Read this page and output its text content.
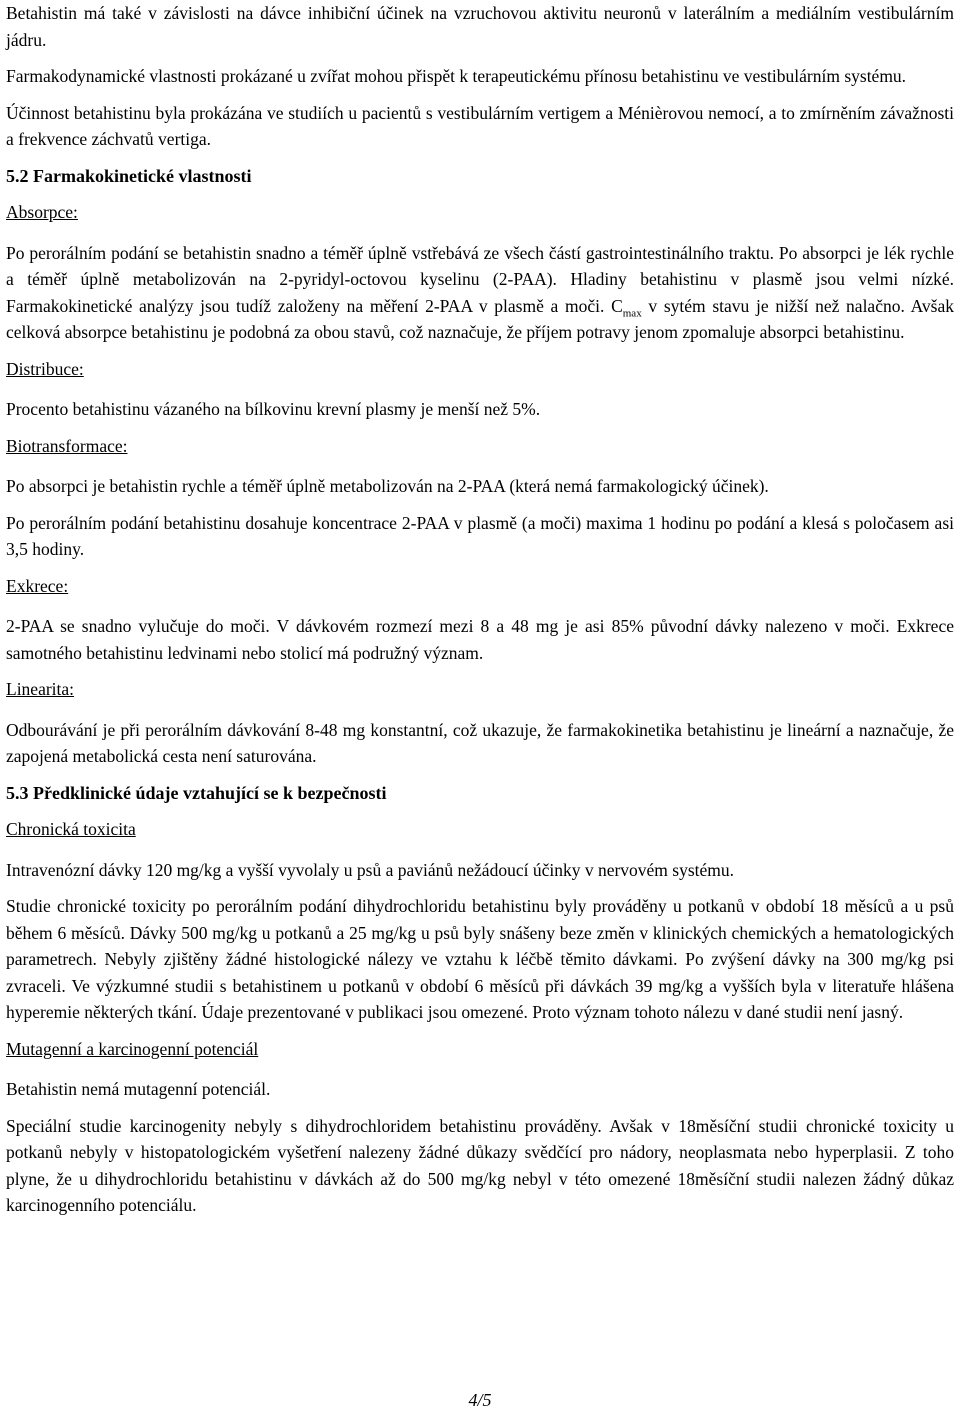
Betahistin má také v závislosti na dávce inhibiční účinek na vzruchovou aktivitu neuronů v laterálním a mediálním vestibulárním jádru.

Farmakodynamické vlastnosti prokázané u zvířat mohou přispět k terapeutickému přínosu betahistinu ve vestibulárním systému.

Účinnost betahistinu byla prokázána ve studiích u pacientů s vestibulárním vertigem a Ménièrovou nemocí, a to zmírněním závažnosti a frekvence záchvatů vertiga.

5.2 Farmakokinetické vlastnosti

Absorpce:

Po perorálním podání se betahistin snadno a téměř úplně vstřebává ze všech částí gastrointestinálního traktu. Po absorpci je lék rychle a téměř úplně metabolizován na 2-pyridyl-octovou kyselinu (2-PAA). Hladiny betahistinu v plasmě jsou velmi nízké. Farmakokinetické analýzy jsou tudíž založeny na měření 2-PAA v plasmě a moči. $C_{max}$ v sytém stavu je nižší než nalačno. Avšak celková absorpce betahistinu je podobná za obou stavů, což naznačuje, že příjem potravy jenom zpomaluje absorpci betahistinu.

Distribuce:

Procento betahistinu vázaného na bílkovinu krevní plasmy je menší než 5%.

Biotransformace:

Po absorpci je betahistin rychle a téměř úplně metabolizován na 2-PAA (která nemá farmakologický účinek).

Po perorálním podání betahistinu dosahuje koncentrace 2-PAA v plasmě (a moči) maxima 1 hodinu po podání a klesá s poločasem asi 3,5 hodiny.

Exkrece:

2-PAA se snadno vylučuje do moči. V dávkovém rozmezí mezi 8 a 48 mg je asi 85% původní dávky nalezeno v moči. Exkrece samotného betahistinu ledvinami nebo stolicí má podružný význam.

Linearita:

Odbourávání je při perorálním dávkování 8-48 mg konstantní, což ukazuje, že farmakokinetika betahistinu je lineární a naznačuje, že zapojená metabolická cesta není saturována.

5.3 Předklinické údaje vztahující se k bezpečnosti

Chronická toxicita

Intravenózní dávky 120 mg/kg a vyšší vyvolaly u psů a paviánů nežádoucí účinky v nervovém systému.

Studie chronické toxicity po perorálním podání dihydrochloridu betahistinu byly prováděny u potkanů v období 18 měsíců a u psů během 6 měsíců. Dávky 500 mg/kg u potkanů a 25 mg/kg u psů byly snášeny beze změn v klinických chemických a hematologických parametrech. Nebyly zjištěny žádné histologické nálezy ve vztahu k léčbě těmito dávkami. Po zvýšení dávky na 300 mg/kg psi zvraceli. Ve výzkumné studii s betahistinem u potkanů v období 6 měsíců při dávkách 39 mg/kg a vyšších byla v literatuře hlášena hyperemie některých tkání. Údaje prezentované v publikaci jsou omezené. Proto význam tohoto nálezu v dané studii není jasný.

Mutagenní a karcinogenní potenciál

Betahistin nemá mutagenní potenciál.

Speciální studie karcinogenity nebyly s dihydrochloridem betahistinu prováděny. Avšak v 18měsíční studii chronické toxicity u potkanů nebyly v histopatologickém vyšetření nalezeny žádné důkazy svědčící pro nádory, neoplasmata nebo hyperplasii. Z toho plyne, že u dihydrochloridu betahistinu v dávkách až do 500 mg/kg nebyl v této omezené 18měsíční studii nalezen žádný důkaz karcinogenního potenciálu.

4/5
